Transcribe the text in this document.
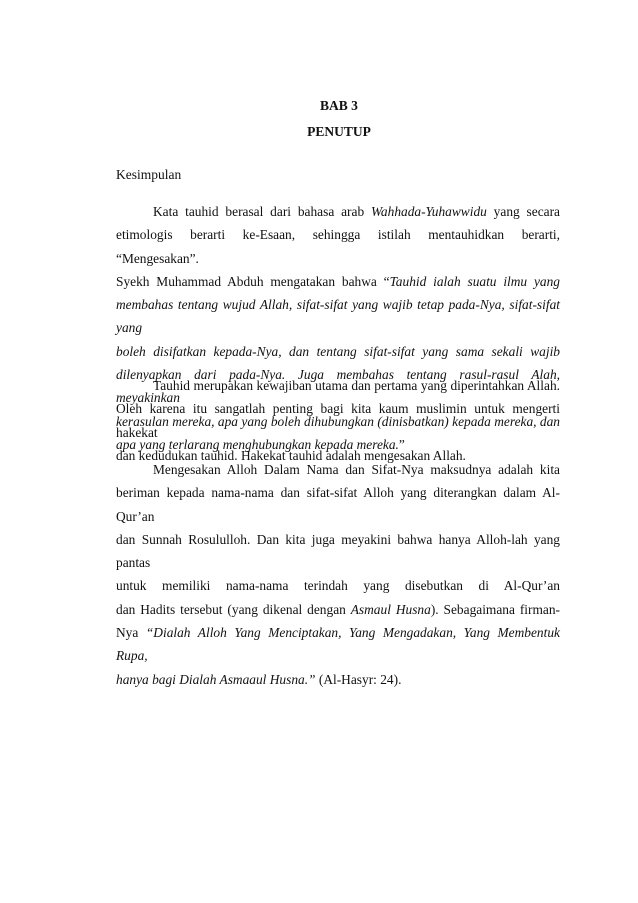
BAB 3

PENUTUP

Kesimpulan

Kata tauhid berasal dari bahasa arab Wahhada-Yuhawwidu yang secara
etimologis berarti ke-Esaan, sehingga istilah mentauhidkan berarti, “Mengesakan”.
Syekh Muhammad Abduh mengatakan bahwa “Tauhid ialah suatu ilmu yang
membahas tentang wujud Allah, sifat-sifat yang wajib tetap pada-Nya, sifat-sifat yang
boleh disifatkan kepada-Nya, dan tentang sifat-sifat yang sama sekali wajib
dilenyapkan dari pada-Nya. Juga membahas tentang rasul-rasul Alah, meyakinkan
kerasulan mereka, apa yang boleh dihubungkan (dinisbatkan) kepada mereka, dan
apa yang terlarang menghubungkan kepada mereka.”
Tauhid merupakan kewajiban utama dan pertama yang diperintahkan Allah.
Oleh karena itu sangatlah penting bagi kita kaum muslimin untuk mengerti hakekat
dan kedudukan tauhid. Hakekat tauhid adalah mengesakan Allah.
Mengesakan Alloh Dalam Nama dan Sifat-Nya maksudnya adalah kita
beriman kepada nama-nama dan sifat-sifat Alloh yang diterangkan dalam Al-Qur’an
dan Sunnah Rosululloh. Dan kita juga meyakini bahwa hanya Alloh-lah yang pantas
untuk memiliki nama-nama terindah yang disebutkan di Al-Qur’an
dan Hadits tersebut (yang dikenal dengan Asmaul Husna). Sebagaimana firman-
Nya “Dialah Alloh Yang Menciptakan, Yang Mengadakan, Yang Membentuk Rupa,
hanya bagi Dialah Asmaaul Husna.” (Al-Hasyr: 24).
